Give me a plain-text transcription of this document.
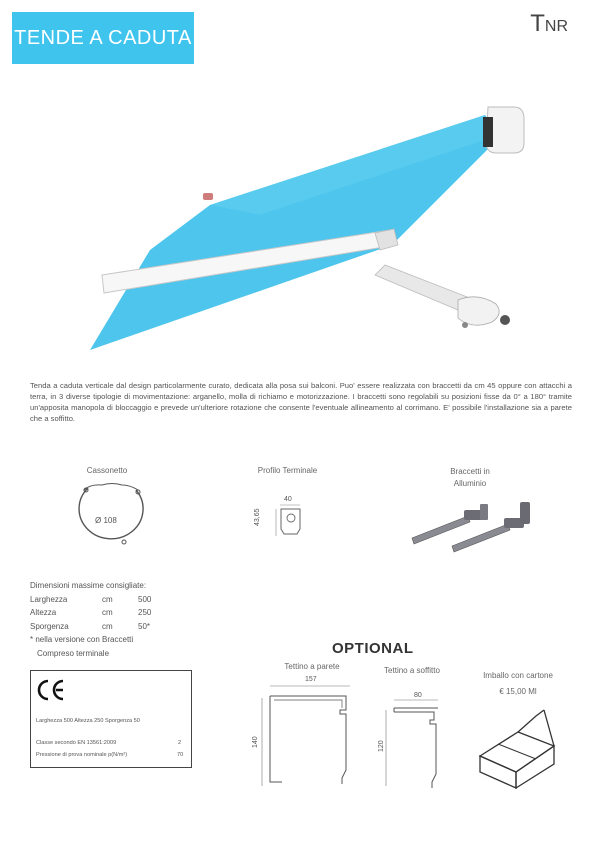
TENDE A CADUTA
TNR
Tenda a caduta verticale dal design particolarmente curato, dedicata alla posa sui balconi. Puo' essere realizzata con braccetti da cm 45 oppure con attacchi a terra, in 3 diverse tipologie di movimentazione: arganello, molla di richiamo e motorizzazione. I braccetti sono regolabili su posizioni fisse da 0° a 180° tramite un'apposita manopola di bloccaggio e prevede un'ulteriore rotazione che consente l'eventuale allineamento al corrimano. E' possibile l'installazione sia a parete che a soffitto.
Cassonetto
Ø 108
Profilo Terminale
40
43,65
Braccetti in
Alluminio
Dimensioni massime consigliate:
Larghezza	cm	500
Altezza	cm	250
Sporgenza	cm	50*
* nella versione con Braccetti
Compreso terminale
Larghezza 500 Altezza 250 Sporgenza 50
Classe secondo EN 13561:2009	2
Pressione di prova nominale p(N/m²)	70
OPTIONAL
Tettino a parete
157
140
Tettino a soffitto
80
120
Imballo con cartone
€ 15,00 Ml
